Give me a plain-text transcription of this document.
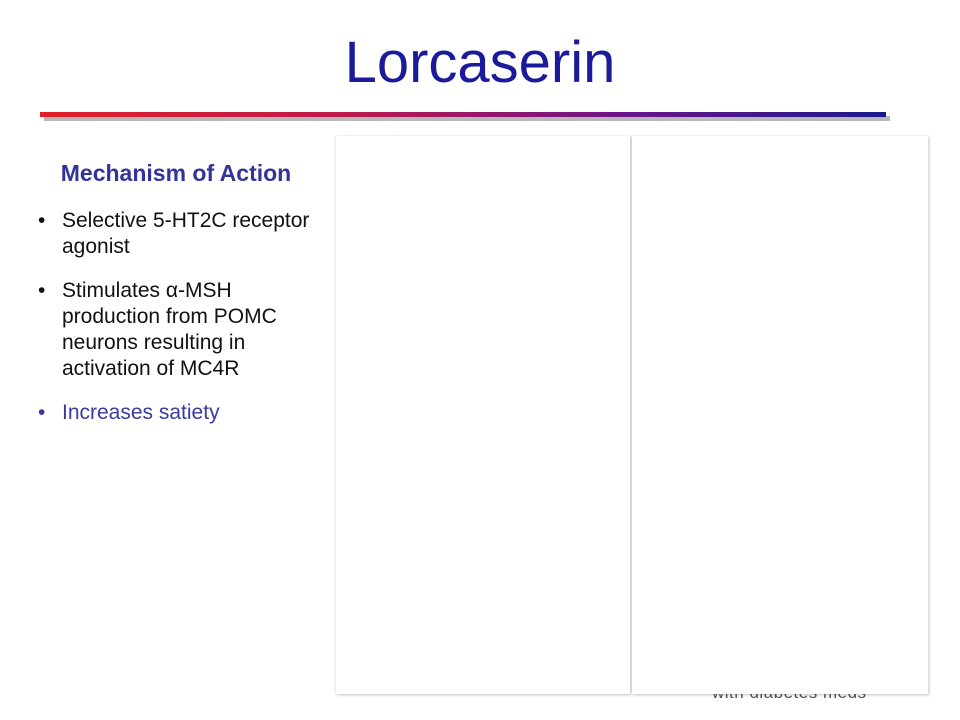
Lorcaserin
Mechanism of Action
• Selective 5-HT2C receptor agonist
• Stimulates α-MSH production from POMC neurons resulting in activation of MC4R
• Increases satiety
